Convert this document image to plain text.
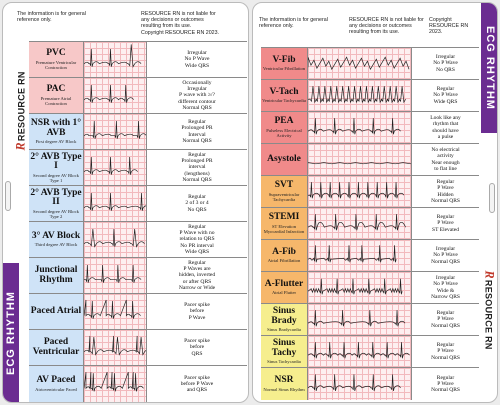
The information is for general
reference only.
RESOURCE RN is not liable for
any decisions or outcomes
resulting from its use.
Copyright RESOURCE RN 2023.
ECG RHYTHM
RRESOURCE RN
PVC
Premature Ventricular Contraction
Irregular
No P Wave
Wide QRS
PAC
Premature Atrial Contraction
Occasionally
Irregular
P wave with ≥/?
different contour
Normal QRS
NSR with 1° AVB
First degree AV Block
Regular
Prolonged PR
Interval
Normal QRS
2° AVB Type I
Second degree AV Block Type 1
Regular
Prolonged PR
interval
(lengthens)
Normal QRS
2° AVB Type II
Second degree AV Block Type 2
Regular
2 of 3 or 4
No QRS
3° AV Block
Third degree AV Block
Regular
P Wave with no
relation to QRS
No PR interval
Wide QRS
Junctional Rhythm
Regular
P Waves are
hidden, inverted
or after QRS
Narrow or Wide
Paced Atrial
Pacer spike
before
P Wave
Paced Ventricular
Pacer spike
before
QRS
AV Paced
Atrioventricular Paced
Pacer spike
before P Wave
and QRS
The information is for general
reference only.
RESOURCE RN is not liable for
any decisions or outcomes
resulting from its use.
Copyright
RESOURCE RN
2023.	ECG RHYTHM
RRESOURCE RN
V-Fib
Ventricular Fibrillation
Irregular
No P Wave
No QRS
V-Tach
Ventricular Tachycardia
Regular
No P Wave
Wide QRS
PEA
Pulseless Electrical Activity
Look like any
rhythm that
should have
a pulse
Asystole
No electrical
activity
Near enough
to flat line
SVT
Supraventricular Tachycardia
Regular
P Wave
Hidden
Normal QRS
STEMI
ST Elevation Myocardial Infarction
Regular
P Wave
ST Elevated
A-Fib
Atrial Fibrillation
Irregular
No P Wave
Normal QRS
A-Flutter
Atrial Flutter
Irregular
No P Wave
Wide &
Narrow QRS
Sinus Brady
Sinus Bradycardia
Regular
P Wave
Normal QRS
Sinus Tachy
Sinus Tachycardia
Regular
P Wave
Normal QRS
NSR
Normal Sinus Rhythm
Regular
P Wave
Normal QRS
